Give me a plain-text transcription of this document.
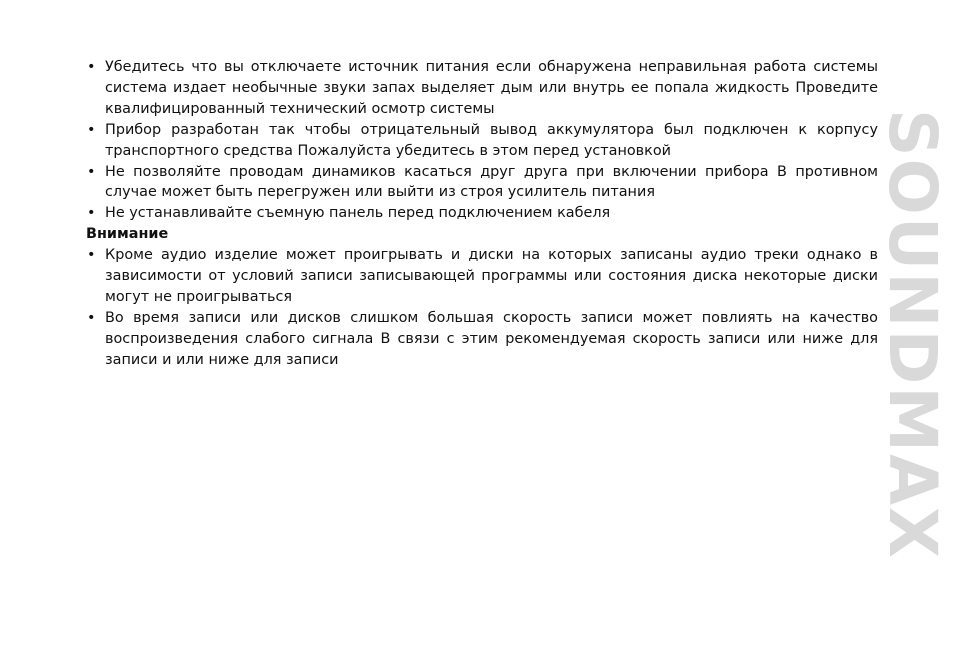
• Убедитесь что вы отключаете источник питания если обнаружена неправильная работа системы система издает необычные звуки запах выделяет дым или внутрь ее попала жидкость Проведите квалифицированный технический осмотр системы
• Прибор разработан так чтобы отрицательный вывод аккумулятора был подключен к корпусу транспортного средства Пожалуйста убедитесь в этом перед установкой
• Не позволяйте проводам динамиков касаться друг друга при включении прибора В противном случае может быть перегружен или выйти из строя усилитель питания
• Не устанавливайте съемную панель перед подключением кабеля
Внимание
• Кроме аудио изделие может проигрывать и диски на которых записаны аудио треки однако в зависимости от условий записи записывающей программы или состояния диска некоторые диски могут не проигрываться
• Во время записи или дисков слишком большая скорость записи может повлиять на качество воспроизведения слабого сигнала В связи с этим рекомендуемая скорость записи или ниже для записи и или ниже для записи	SOUNDMAX
